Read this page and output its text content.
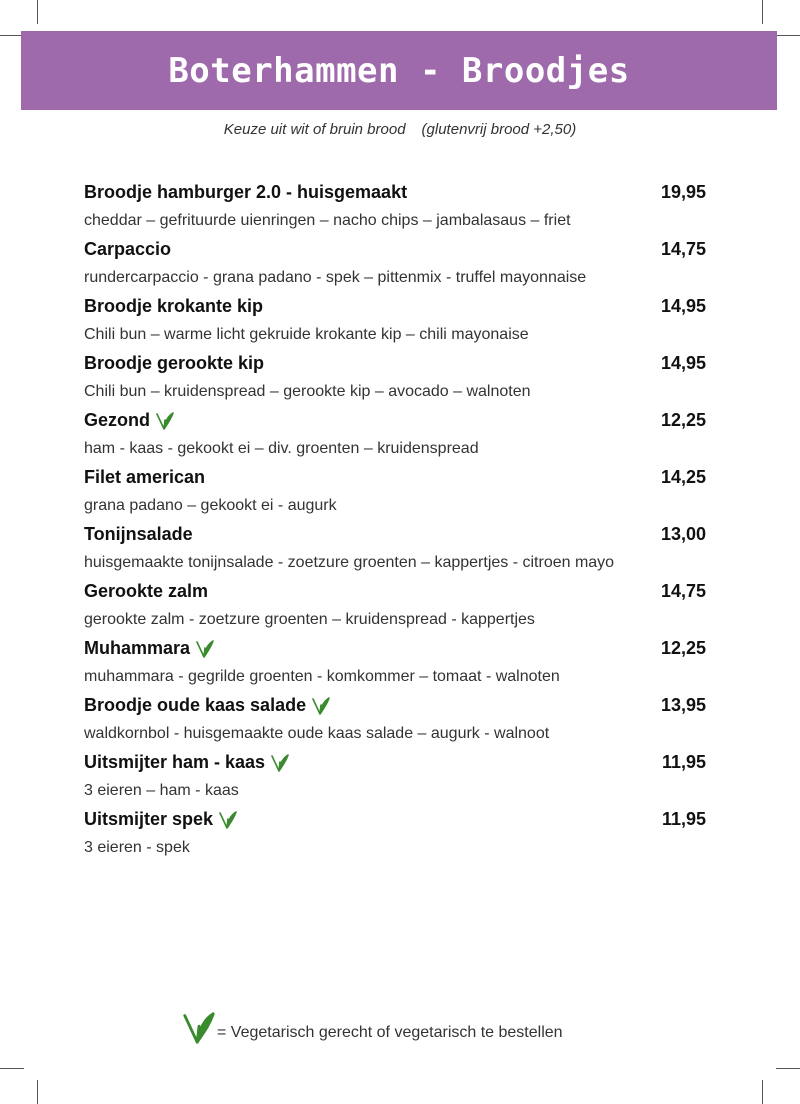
Boterhammen - Broodjes
Keuze uit wit of bruin brood (glutenvrij brood +2,50)
Broodje hamburger 2.0 - huisgemaakt	19,95
cheddar – gefrituurde uienringen – nacho chips – jambalasaus – friet
Carpaccio	14,75
rundercarpaccio - grana padano - spek – pittenmix - truffel mayonnaise
Broodje krokante kip	14,95
Chili bun – warme licht gekruide krokante kip – chili mayonaise
Broodje gerookte kip	14,95
Chili bun – kruidenspread – gerookte kip – avocado – walnoten
Gezond	12,25
ham - kaas - gekookt ei – div. groenten – kruidenspread
Filet american	14,25
grana padano – gekookt ei - augurk
Tonijnsalade	13,00
huisgemaakte tonijnsalade - zoetzure groenten – kappertjes - citroen mayo
Gerookte zalm	14,75
gerookte zalm - zoetzure groenten – kruidenspread - kappertjes
Muhammara	12,25
muhammara - gegrilde groenten - komkommer – tomaat - walnoten
Broodje oude kaas salade	13,95
waldkornbol - huisgemaakte oude kaas salade – augurk - walnoot
Uitsmijter ham - kaas	11,95
3 eieren – ham - kaas
Uitsmijter spek	11,95
3 eieren - spek
= Vegetarisch gerecht of vegetarisch te bestellen
